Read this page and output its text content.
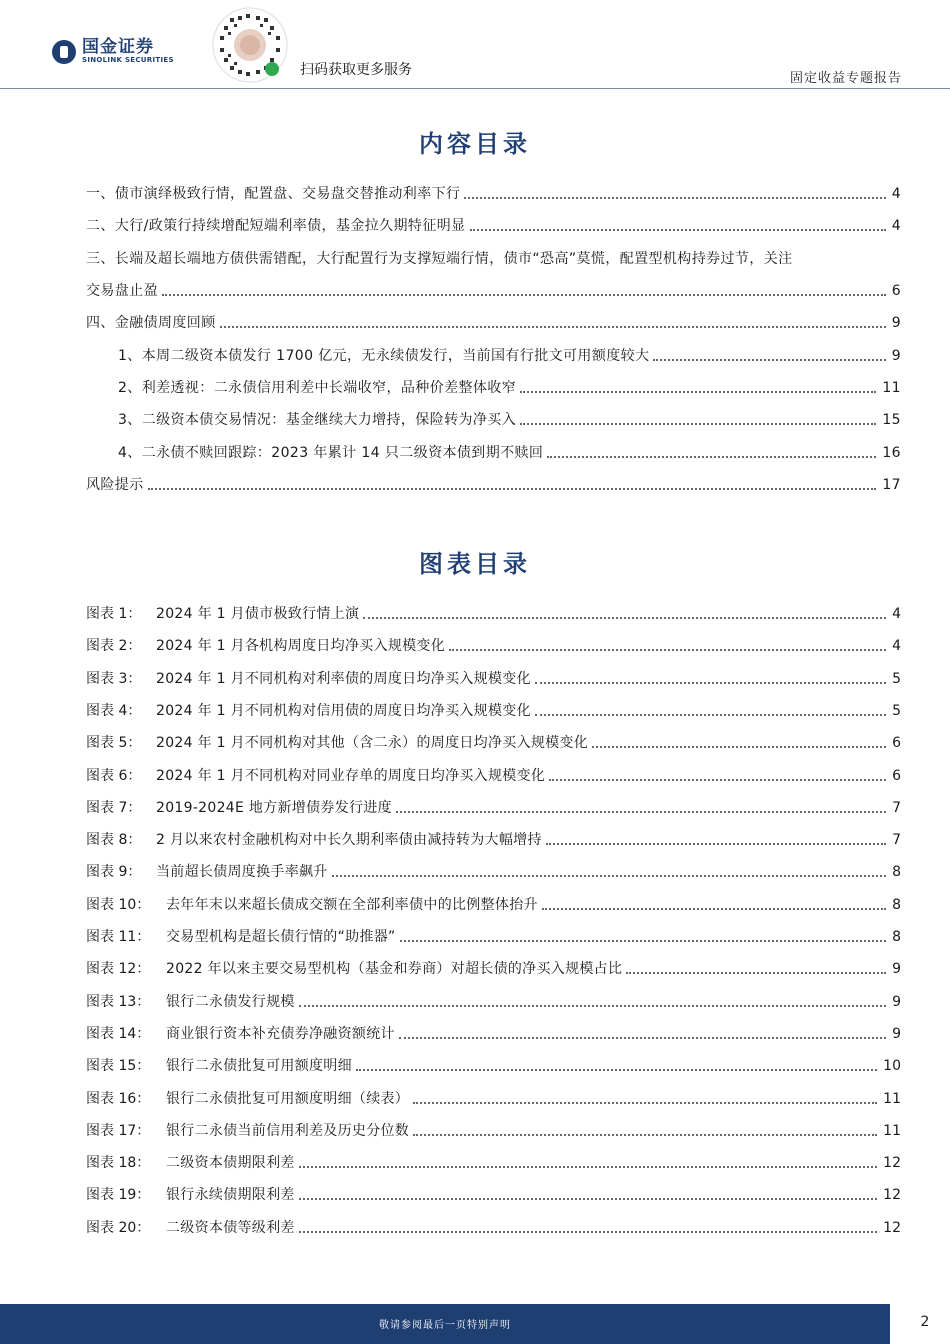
国金证券
SINOLINK SECURITIES
扫码获取更多服务
固定收益专题报告
内容目录
一、债市演绎极致行情，配置盘、交易盘交替推动利率下行	4
二、大行/政策行持续增配短端利率债，基金拉久期特征明显	4
三、长端及超长端地方债供需错配，大行配置行为支撑短端行情，债市“恐高”莫慌，配置型机构持券过节，关注
交易盘止盈	6
四、金融债周度回顾	9
1、本周二级资本债发行 1700 亿元，无永续债发行，当前国有行批文可用额度较大	9
2、利差透视：二永债信用利差中长端收窄，品种价差整体收窄	11
3、二级资本债交易情况：基金继续大力增持，保险转为净买入	15
4、二永债不赎回跟踪：2023 年累计 14 只二级资本债到期不赎回	16
风险提示	17
图表目录
图表 1：	2024 年 1 月债市极致行情上演	4
图表 2：	2024 年 1 月各机构周度日均净买入规模变化	4
图表 3：	2024 年 1 月不同机构对利率债的周度日均净买入规模变化	5
图表 4：	2024 年 1 月不同机构对信用债的周度日均净买入规模变化	5
图表 5：	2024 年 1 月不同机构对其他（含二永）的周度日均净买入规模变化	6
图表 6：	2024 年 1 月不同机构对同业存单的周度日均净买入规模变化	6
图表 7：	2019-2024E 地方新增债券发行进度	7
图表 8：	2 月以来农村金融机构对中长久期利率债由减持转为大幅增持	7
图表 9：	当前超长债周度换手率飙升	8
图表 10：	去年年末以来超长债成交额在全部利率债中的比例整体抬升	8
图表 11：	交易型机构是超长债行情的“助推器”	8
图表 12：	2022 年以来主要交易型机构（基金和券商）对超长债的净买入规模占比	9
图表 13：	银行二永债发行规模	9
图表 14：	商业银行资本补充债券净融资额统计	9
图表 15：	银行二永债批复可用额度明细	10
图表 16：	银行二永债批复可用额度明细（续表）	11
图表 17：	银行二永债当前信用利差及历史分位数	11
图表 18：	二级资本债期限利差	12
图表 19：	银行永续债期限利差	12
图表 20：	二级资本债等级利差	12
敬请参阅最后一页特别声明	2
